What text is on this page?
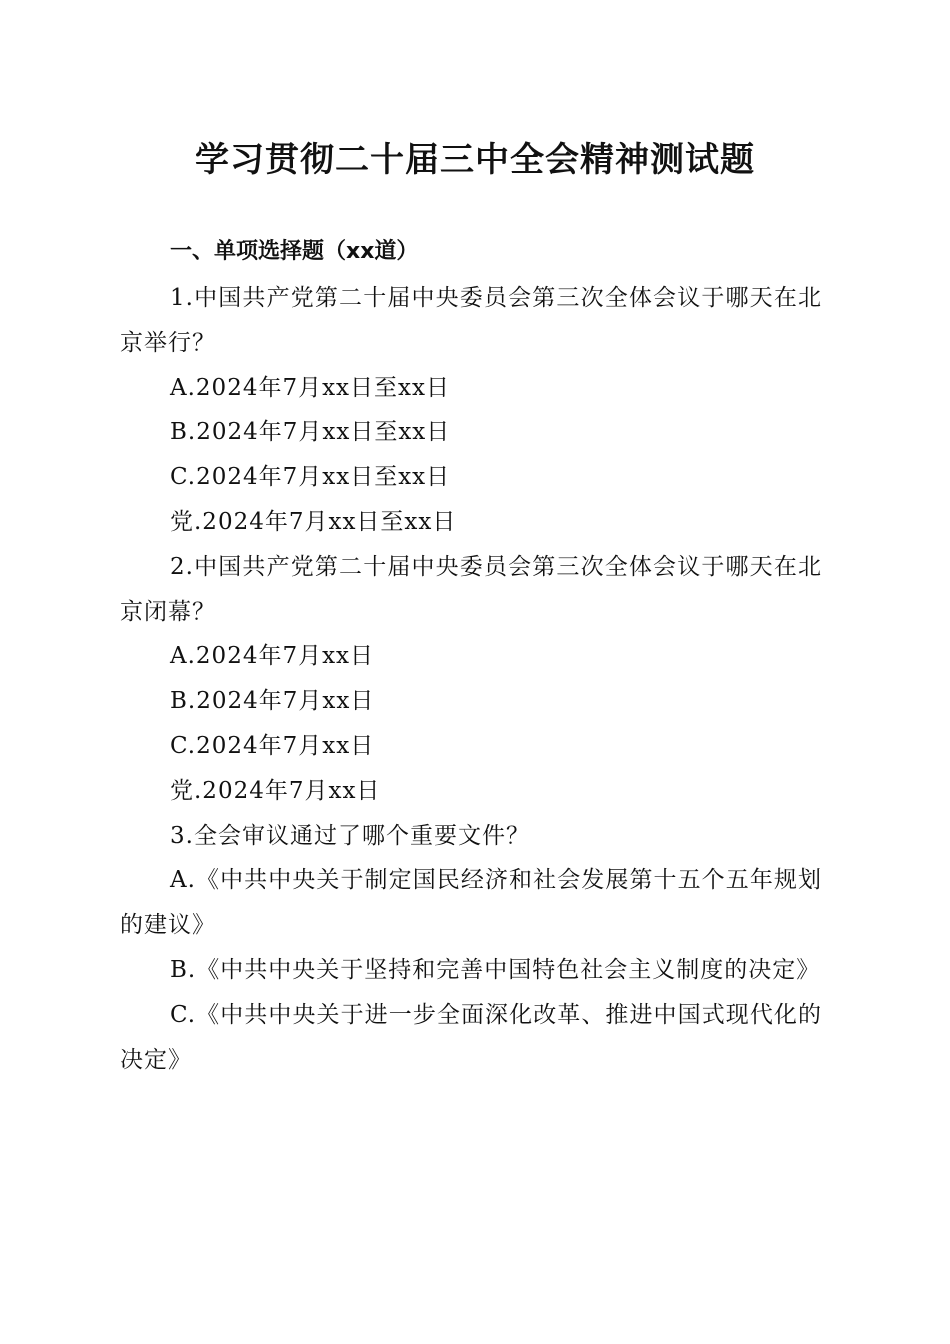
学习贯彻二十届三中全会精神测试题
一、单项选择题（xx道）

1.中国共产党第二十届中央委员会第三次全体会议于哪天在北京举行？

A.2024年7月xx日至xx日

B.2024年7月xx日至xx日

C.2024年7月xx日至xx日

党.2024年7月xx日至xx日

2.中国共产党第二十届中央委员会第三次全体会议于哪天在北京闭幕？

A.2024年7月xx日

B.2024年7月xx日

C.2024年7月xx日

党.2024年7月xx日

3.全会审议通过了哪个重要文件？

A.《中共中央关于制定国民经济和社会发展第十五个五年规划的建议》

B.《中共中央关于坚持和完善中国特色社会主义制度的决定》

C.《中共中央关于进一步全面深化改革、推进中国式现代化的决定》
